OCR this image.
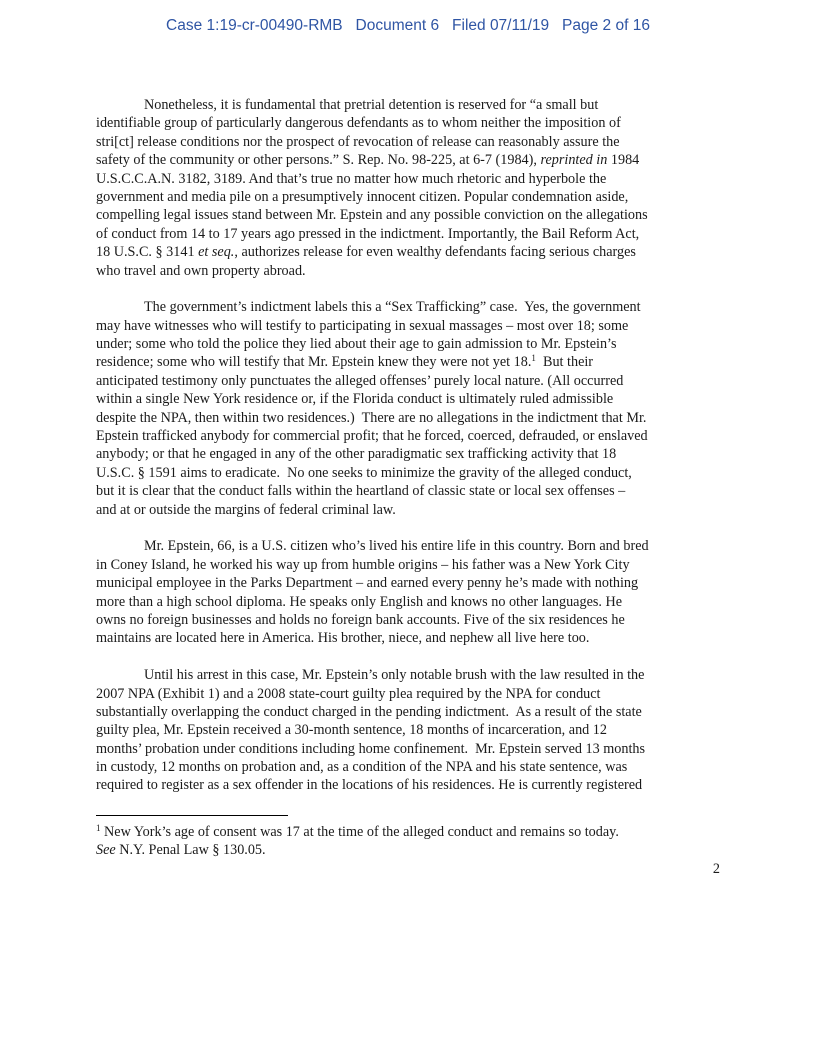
Case 1:19-cr-00490-RMB   Document 6   Filed 07/11/19   Page 2 of 16
Nonetheless, it is fundamental that pretrial detention is reserved for “a small but
identifiable group of particularly dangerous defendants as to whom neither the imposition of
stri[ct] release conditions nor the prospect of revocation of release can reasonably assure the
safety of the community or other persons.” S. Rep. No. 98-225, at 6-7 (1984), reprinted in 1984
U.S.C.C.A.N. 3182, 3189. And that’s true no matter how much rhetoric and hyperbole the
government and media pile on a presumptively innocent citizen. Popular condemnation aside,
compelling legal issues stand between Mr. Epstein and any possible conviction on the allegations
of conduct from 14 to 17 years ago pressed in the indictment. Importantly, the Bail Reform Act,
18 U.S.C. § 3141 et seq., authorizes release for even wealthy defendants facing serious charges
who travel and own property abroad.
The government’s indictment labels this a “Sex Trafficking” case.  Yes, the government
may have witnesses who will testify to participating in sexual massages – most over 18; some
under; some who told the police they lied about their age to gain admission to Mr. Epstein’s
residence; some who will testify that Mr. Epstein knew they were not yet 18.$^1$  But their
anticipated testimony only punctuates the alleged offenses’ purely local nature. (All occurred
within a single New York residence or, if the Florida conduct is ultimately ruled admissible
despite the NPA, then within two residences.)  There are no allegations in the indictment that Mr.
Epstein trafficked anybody for commercial profit; that he forced, coerced, defrauded, or enslaved
anybody; or that he engaged in any of the other paradigmatic sex trafficking activity that 18
U.S.C. § 1591 aims to eradicate.  No one seeks to minimize the gravity of the alleged conduct,
but it is clear that the conduct falls within the heartland of classic state or local sex offenses –
and at or outside the margins of federal criminal law.
Mr. Epstein, 66, is a U.S. citizen who’s lived his entire life in this country. Born and bred
in Coney Island, he worked his way up from humble origins – his father was a New York City
municipal employee in the Parks Department – and earned every penny he’s made with nothing
more than a high school diploma. He speaks only English and knows no other languages. He
owns no foreign businesses and holds no foreign bank accounts. Five of the six residences he
maintains are located here in America. His brother, niece, and nephew all live here too.
Until his arrest in this case, Mr. Epstein’s only notable brush with the law resulted in the
2007 NPA (Exhibit 1) and a 2008 state-court guilty plea required by the NPA for conduct
substantially overlapping the conduct charged in the pending indictment.  As a result of the state
guilty plea, Mr. Epstein received a 30-month sentence, 18 months of incarceration, and 12
months’ probation under conditions including home confinement.  Mr. Epstein served 13 months
in custody, 12 months on probation and, as a condition of the NPA and his state sentence, was
required to register as a sex offender in the locations of his residences. He is currently registered
$^1$ New York’s age of consent was 17 at the time of the alleged conduct and remains so today.
See N.Y. Penal Law § 130.05.
2
